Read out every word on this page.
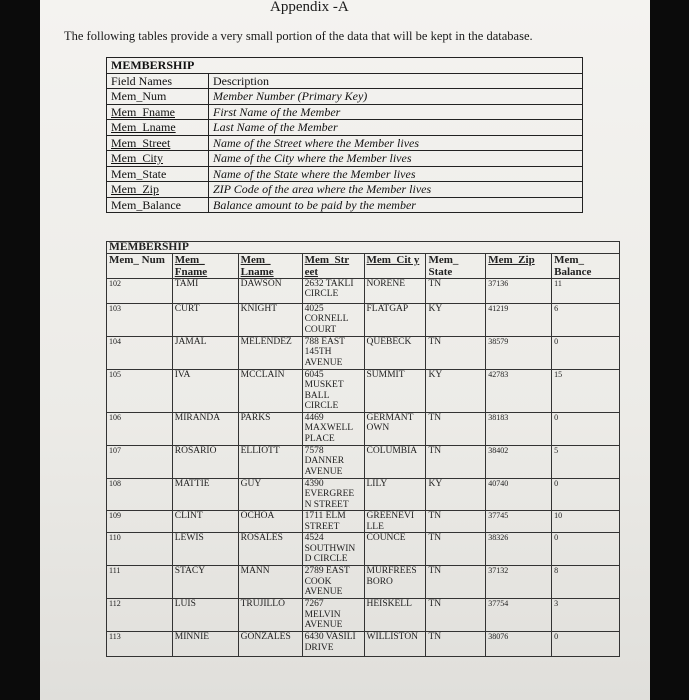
Appendix -A
The following tables provide a very small portion of the data that will be kept in the database.
MEMBERSHIP	
Field Names	Description
Mem_Num	Member Number (Primary Key)
Mem_Fname	First Name of the Member
Mem_Lname	Last Name of the Member
Mem_Street	Name of the Street where the Member lives
Mem_City	Name of the City where the Member lives
Mem_State	Name of the State where the Member lives
Mem_Zip	ZIP Code of the area where the Member lives
Mem_Balance	Balance amount to be paid by the member
MEMBERSHIP							
Mem_ Num	Mem_ Fname	Mem_ Lname	Mem_Str eet	Mem_Cit y	Mem_ State	Mem_Zip	Mem_ Balance
102	TAMI	DAWSON	2632 TAKLI CIRCLE	NORENE	TN	37136	11
103	CURT	KNIGHT	4025 CORNELL COURT	FLATGAP	KY	41219	6
104	JAMAL	MELENDEZ	788 EAST 145TH AVENUE	QUEBECK	TN	38579	0
105	IVA	MCCLAIN	6045 MUSKET BALL CIRCLE	SUMMIT	KY	42783	15
106	MIRANDA	PARKS	4469 MAXWELL PLACE	GERMANT OWN	TN	38183	0
107	ROSARIO	ELLIOTT	7578 DANNER AVENUE	COLUMBIA	TN	38402	5
108	MATTIE	GUY	4390 EVERGREE N STREET	LILY	KY	40740	0
109	CLINT	OCHOA	1711 ELM STREET	GREENEVI LLE	TN	37745	10
110	LEWIS	ROSALES	4524 SOUTHWIN D CIRCLE	COUNCE	TN	38326	0
111	STACY	MANN	2789 EAST COOK AVENUE	MURFREES BORO	TN	37132	8
112	LUIS	TRUJILLO	7267 MELVIN AVENUE	HEISKELL	TN	37754	3
113	MINNIE	GONZALES	6430 VASILI DRIVE	WILLISTON	TN	38076	0
